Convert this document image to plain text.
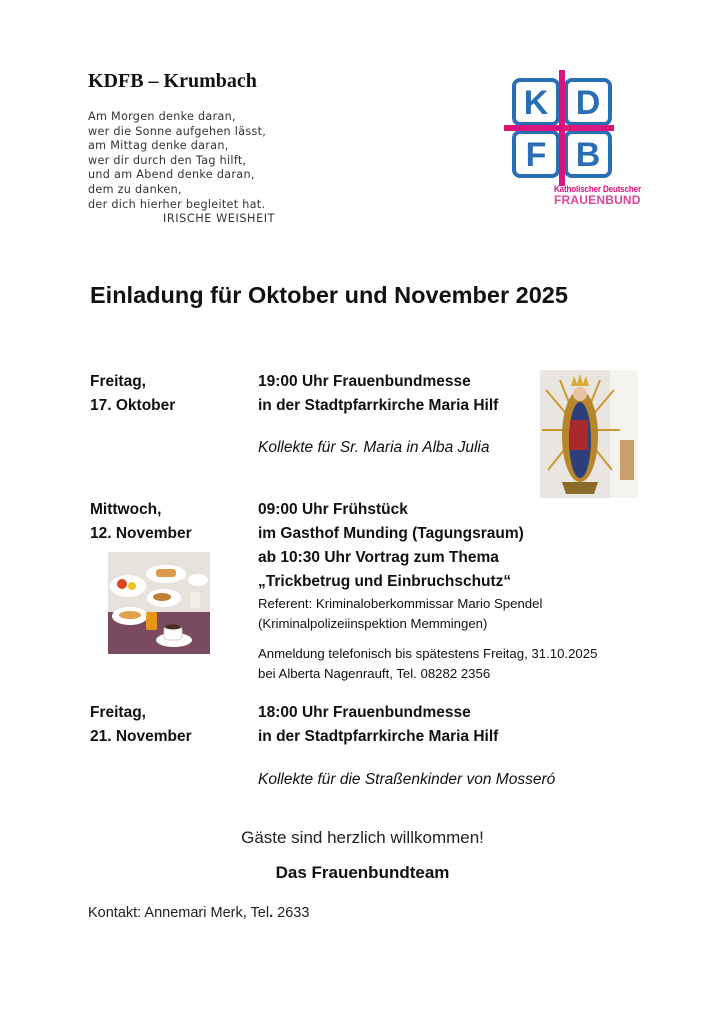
KDFB – Krumbach
Am Morgen denke daran,
wer die Sonne aufgehen lässt,
am Mittag denke daran,
wer dir durch den Tag hilft,
und am Abend denke daran,
dem zu danken,
der dich hierher begleitet hat.
IRISCHE WEISHEIT
K D
F B
Katholischer Deutscher
FRAUENBUND
Einladung für Oktober und November 2025
Freitag,
17. Oktober
19:00 Uhr Frauenbundmesse
in der Stadtpfarrkirche Maria Hilf
Kollekte für Sr. Maria in Alba Julia
Mittwoch,
12. November
09:00 Uhr Frühstück
im Gasthof Munding (Tagungsraum)
ab 10:30 Uhr Vortrag zum Thema
„Trickbetrug und Einbruchschutz“
Referent: Kriminaloberkommissar Mario Spendel
(Kriminalpolizeiinspektion Memmingen)
Anmeldung telefonisch bis spätestens Freitag, 31.10.2025
bei Alberta Nagenrauft, Tel. 08282 2356
Freitag,
21. November
18:00 Uhr Frauenbundmesse
in der Stadtpfarrkirche Maria Hilf
Kollekte für die Straßenkinder von Mosseró
Gäste sind herzlich willkommen!
Das Frauenbundteam
Kontakt: Annemari Merk, Tel. 2633
